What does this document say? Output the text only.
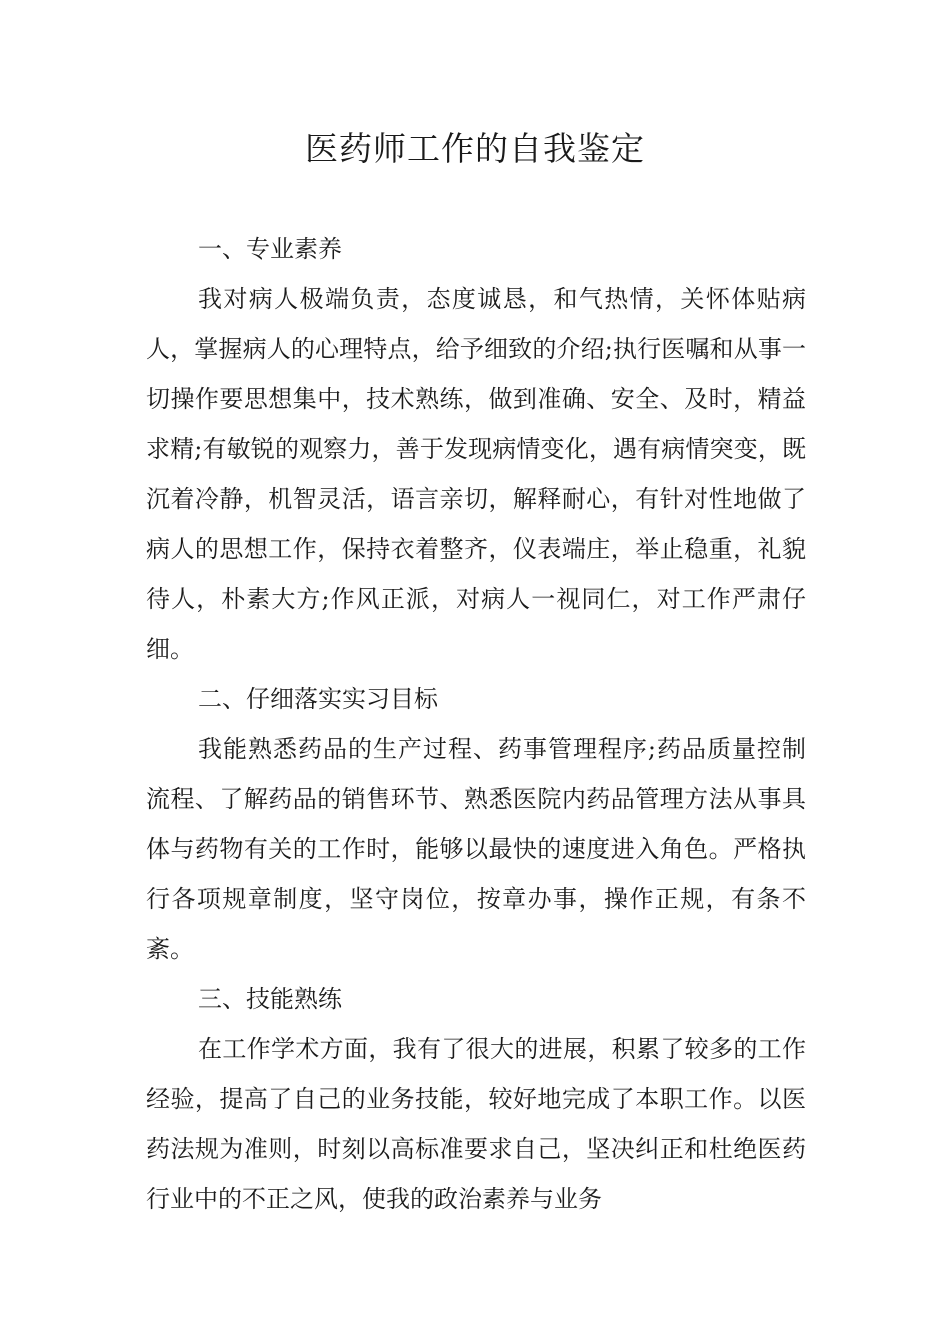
医药师工作的自我鉴定

一、专业素养

我对病人极端负责，态度诚恳，和气热情，关怀体贴病人，掌握病人的心理特点，给予细致的介绍;执行医嘱和从事一切操作要思想集中，技术熟练，做到准确、安全、及时，精益求精;有敏锐的观察力，善于发现病情变化，遇有病情突变，既沉着冷静，机智灵活，语言亲切，解释耐心，有针对性地做了病人的思想工作，保持衣着整齐，仪表端庄，举止稳重，礼貌待人，朴素大方;作风正派，对病人一视同仁，对工作严肃仔细。

二、仔细落实实习目标

我能熟悉药品的生产过程、药事管理程序;药品质量控制流程、了解药品的销售环节、熟悉医院内药品管理方法从事具体与药物有关的工作时，能够以最快的速度进入角色。严格执行各项规章制度，坚守岗位，按章办事，操作正规，有条不紊。

三、技能熟练

在工作学术方面，我有了很大的进展，积累了较多的工作经验，提高了自己的业务技能，较好地完成了本职工作。以医药法规为准则，时刻以高标准要求自己，坚决纠正和杜绝医药行业中的不正之风，使我的政治素养与业务
